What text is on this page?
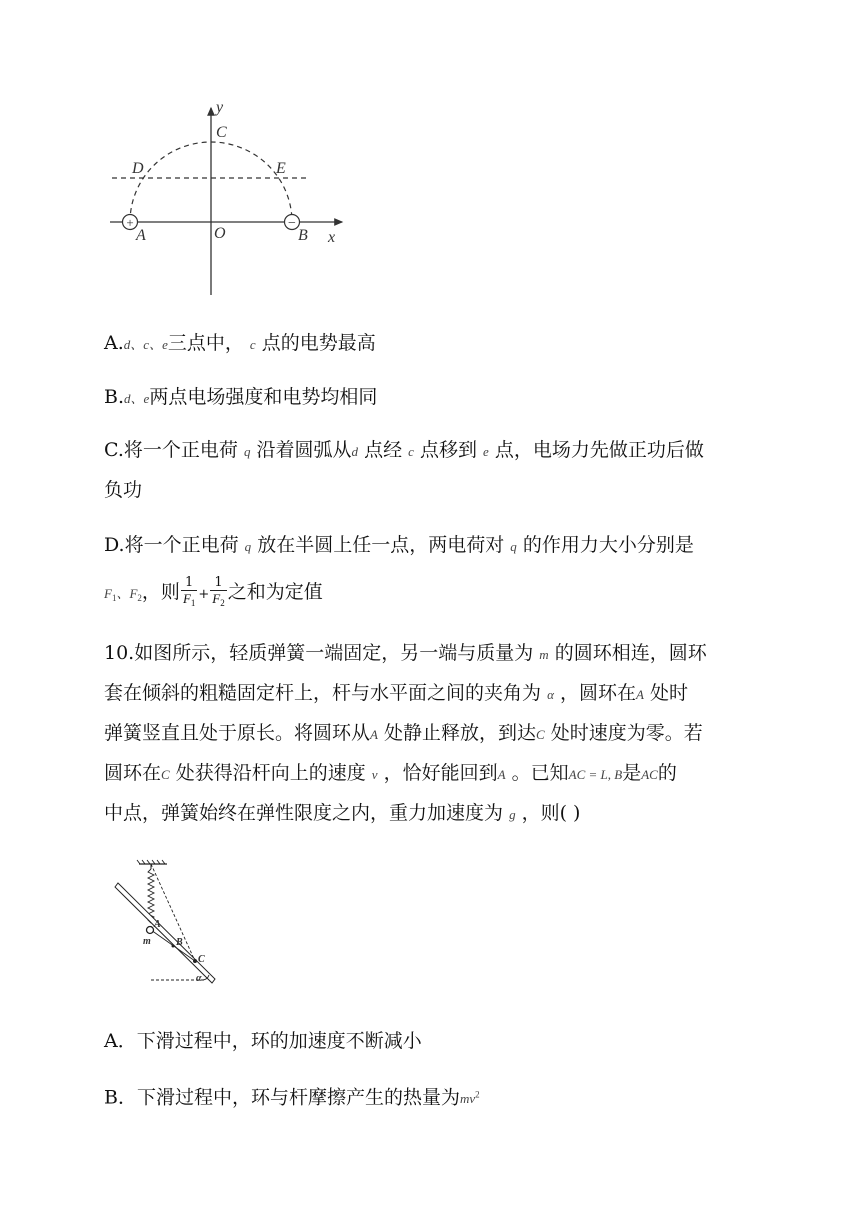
+	−
y
C
D	E
A	O	B x
A.d、c、e三点中， c 点的电势最高
B.d、e两点电场强度和电势均相同
C.将一个正电荷 q 沿着圆弧从d 点经 c 点移到 e 点，电场力先做正功后做
负功
D.将一个正电荷 q 放在半圆上任一点，两电荷对 q 的作用力大小分别是
$F_1$、$F_2$，则 $\frac{1}{F_1} + \frac{1}{F_2}$ 之和为定值
10.如图所示，轻质弹簧一端固定，另一端与质量为 m 的圆环相连，圆环
套在倾斜的粗糙固定杆上，杆与水平面之间的夹角为 α ，圆环在A 处时
弹簧竖直且处于原长。将圆环从A 处静止释放，到达C 处时速度为零。若
圆环在C 处获得沿杆向上的速度 v ，恰好能回到A 。已知AC = L, B是AC的
中点，弹簧始终在弹性限度之内，重力加速度为 g ，则( )
A
m	B
C
α
A．下滑过程中，环的加速度不断减小
B．下滑过程中，环与杆摩擦产生的热量为$mv^2$
